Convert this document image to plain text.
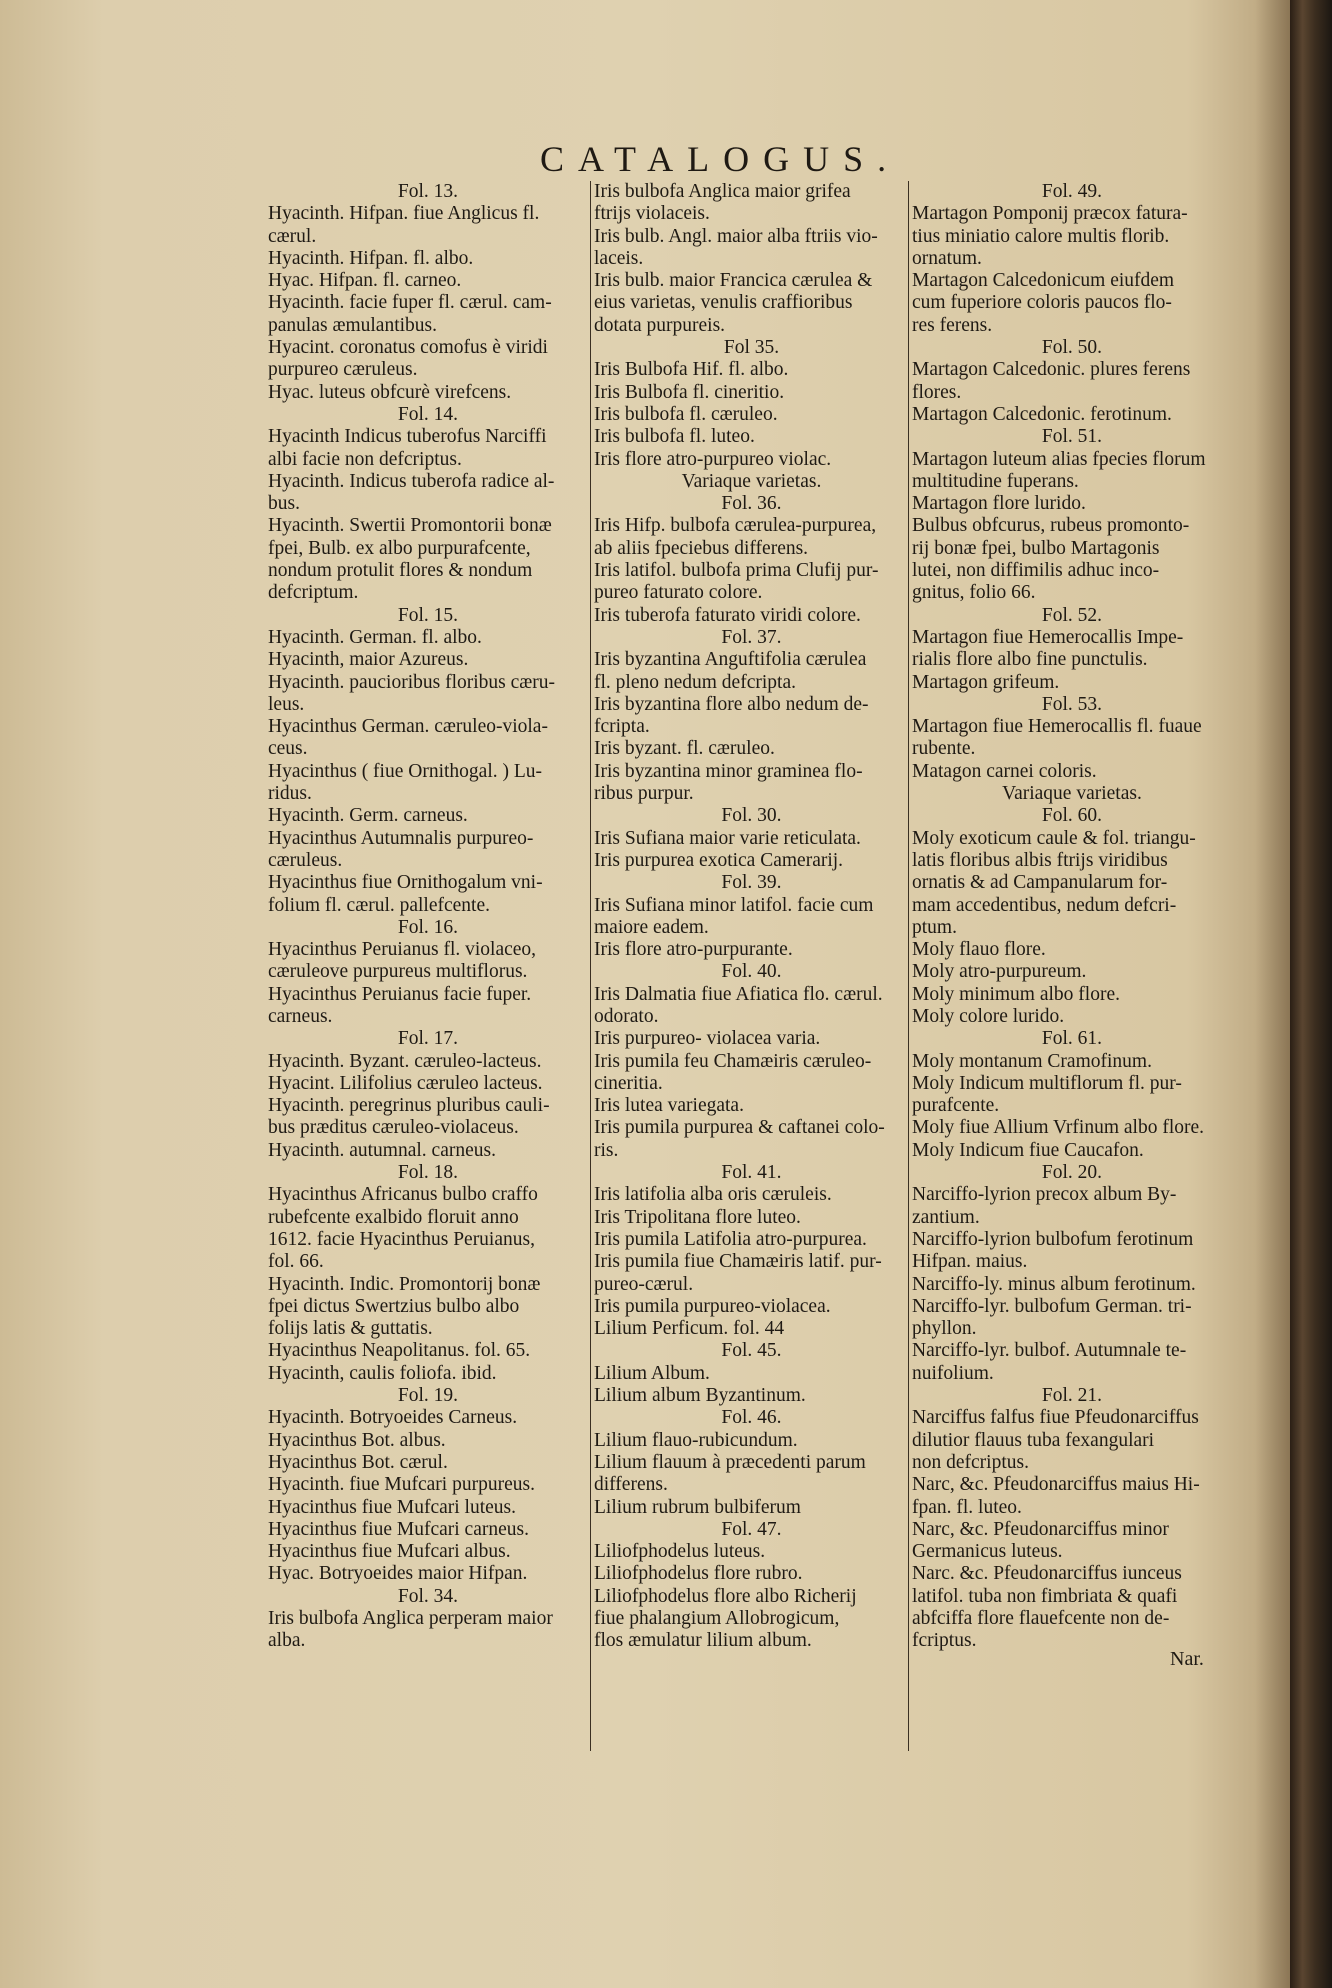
CATALOGUS.
Fol. 13.
Hyacinth. Hifpan. fiue Anglicus fl.
cærul.
Hyacinth. Hifpan. fl. albo.
Hyac. Hifpan. fl. carneo.
Hyacinth. facie fuper fl. cærul. cam-
panulas æmulantibus.
Hyacint. coronatus comofus è viridi
purpureo cæruleus.
Hyac. luteus obfcurè virefcens.
Fol. 14.
Hyacinth Indicus tuberofus Narciffi
albi facie non defcriptus.
Hyacinth. Indicus tuberofa radice al-
bus.
Hyacinth. Swertii Promontorii bonæ
fpei, Bulb. ex albo purpurafcente,
nondum protulit flores & nondum
defcriptum.
Fol. 15.
Hyacinth. German. fl. albo.
Hyacinth, maior Azureus.
Hyacinth. paucioribus floribus cæru-
leus.
Hyacinthus German. cæruleo-viola-
ceus.
Hyacinthus ( fiue Ornithogal. ) Lu-
ridus.
Hyacinth. Germ. carneus.
Hyacinthus Autumnalis purpureo-
cæruleus.
Hyacinthus fiue Ornithogalum vni-
folium fl. cærul. pallefcente.
Fol. 16.
Hyacinthus Peruianus fl. violaceo,
cæruleove purpureus multiflorus.
Hyacinthus Peruianus facie fuper.
carneus.
Fol. 17.
Hyacinth. Byzant. cæruleo-lacteus.
Hyacint. Lilifolius cæruleo lacteus.
Hyacinth. peregrinus pluribus cauli-
bus præditus cæruleo-violaceus.
Hyacinth. autumnal. carneus.
Fol. 18.
Hyacinthus Africanus bulbo craffo
rubefcente exalbido floruit anno
1612. facie Hyacinthus Peruianus,
fol. 66.
Hyacinth. Indic. Promontorij bonæ
fpei dictus Swertzius bulbo albo
folijs latis & guttatis.
Hyacinthus Neapolitanus. fol. 65.
Hyacinth, caulis foliofa. ibid.
Fol. 19.
Hyacinth. Botryoeides Carneus.
Hyacinthus Bot. albus.
Hyacinthus Bot. cærul.
Hyacinth. fiue Mufcari purpureus.
Hyacinthus fiue Mufcari luteus.
Hyacinthus fiue Mufcari carneus.
Hyacinthus fiue Mufcari albus.
Hyac. Botryoeides maior Hifpan.
Fol. 34.
Iris bulbofa Anglica perperam maior
alba.
Iris bulbofa Anglica maior grifea
ftrijs violaceis.
Iris bulb. Angl. maior alba ftriis vio-
laceis.
Iris bulb. maior Francica cærulea &
eius varietas, venulis craffioribus
dotata purpureis.
Fol 35.
Iris Bulbofa Hif. fl. albo.
Iris Bulbofa fl. cineritio.
Iris bulbofa fl. cæruleo.
Iris bulbofa fl. luteo.
Iris flore atro-purpureo violac.
Variaque varietas.
Fol. 36.
Iris Hifp. bulbofa cærulea-purpurea,
ab aliis fpeciebus differens.
Iris latifol. bulbofa prima Clufij pur-
pureo faturato colore.
Iris tuberofa faturato viridi colore.
Fol. 37.
Iris byzantina Anguftifolia cærulea
fl. pleno nedum defcripta.
Iris byzantina flore albo nedum de-
fcripta.
Iris byzant. fl. cæruleo.
Iris byzantina minor graminea flo-
ribus purpur.
Fol. 30.
Iris Sufiana maior varie reticulata.
Iris purpurea exotica Camerarij.
Fol. 39.
Iris Sufiana minor latifol. facie cum
maiore eadem.
Iris flore atro-purpurante.
Fol. 40.
Iris Dalmatia fiue Afiatica flo. cærul.
odorato.
Iris purpureo- violacea varia.
Iris pumila feu Chamæiris cæruleo-
cineritia.
Iris lutea variegata.
Iris pumila purpurea & caftanei colo-
ris.
Fol. 41.
Iris latifolia alba oris cæruleis.
Iris Tripolitana flore luteo.
Iris pumila Latifolia atro-purpurea.
Iris pumila fiue Chamæiris latif. pur-
pureo-cærul.
Iris pumila purpureo-violacea.
Lilium Perficum. fol. 44
Fol. 45.
Lilium Album.
Lilium album Byzantinum.
Fol. 46.
Lilium flauo-rubicundum.
Lilium flauum à præcedenti parum
differens.
Lilium rubrum bulbiferum
Fol. 47.
Liliofphodelus luteus.
Liliofphodelus flore rubro.
Liliofphodelus flore albo Richerij
fiue phalangium Allobrogicum,
flos æmulatur lilium album.
Fol. 49.
Martagon Pomponij præcox fatura-
tius miniatio calore multis florib.
ornatum.
Martagon Calcedonicum eiufdem
cum fuperiore coloris paucos flo-
res ferens.
Fol. 50.
Martagon Calcedonic. plures ferens
flores.
Martagon Calcedonic. ferotinum.
Fol. 51.
Martagon luteum alias fpecies florum
multitudine fuperans.
Martagon flore lurido.
Bulbus obfcurus, rubeus promonto-
rij bonæ fpei, bulbo Martagonis
lutei, non diffimilis adhuc inco-
gnitus, folio 66.
Fol. 52.
Martagon fiue Hemerocallis Impe-
rialis flore albo fine punctulis.
Martagon grifeum.
Fol. 53.
Martagon fiue Hemerocallis fl. fuaue
rubente.
Matagon carnei coloris.
Variaque varietas.
Fol. 60.
Moly exoticum caule & fol. triangu-
latis floribus albis ftrijs viridibus
ornatis & ad Campanularum for-
mam accedentibus, nedum defcri-
ptum.
Moly flauo flore.
Moly atro-purpureum.
Moly minimum albo flore.
Moly colore lurido.
Fol. 61.
Moly montanum Cramofinum.
Moly Indicum multiflorum fl. pur-
purafcente.
Moly fiue Allium Vrfinum albo flore.
Moly Indicum fiue Caucafon.
Fol. 20.
Narciffo-lyrion precox album By-
zantium.
Narciffo-lyrion bulbofum ferotinum
Hifpan. maius.
Narciffo-ly. minus album ferotinum.
Narciffo-lyr. bulbofum German. tri-
phyllon.
Narciffo-lyr. bulbof. Autumnale te-
nuifolium.
Fol. 21.
Narciffus falfus fiue Pfeudonarciffus
dilutior flauus tuba fexangulari
non defcriptus.
Narc, &c. Pfeudonarciffus maius Hi-
fpan. fl. luteo.
Narc, &c. Pfeudonarciffus minor
Germanicus luteus.
Narc. &c. Pfeudonarciffus iunceus
latifol. tuba non fimbriata & quafi
abfciffa flore flauefcente non de-
fcriptus.
Nar.
